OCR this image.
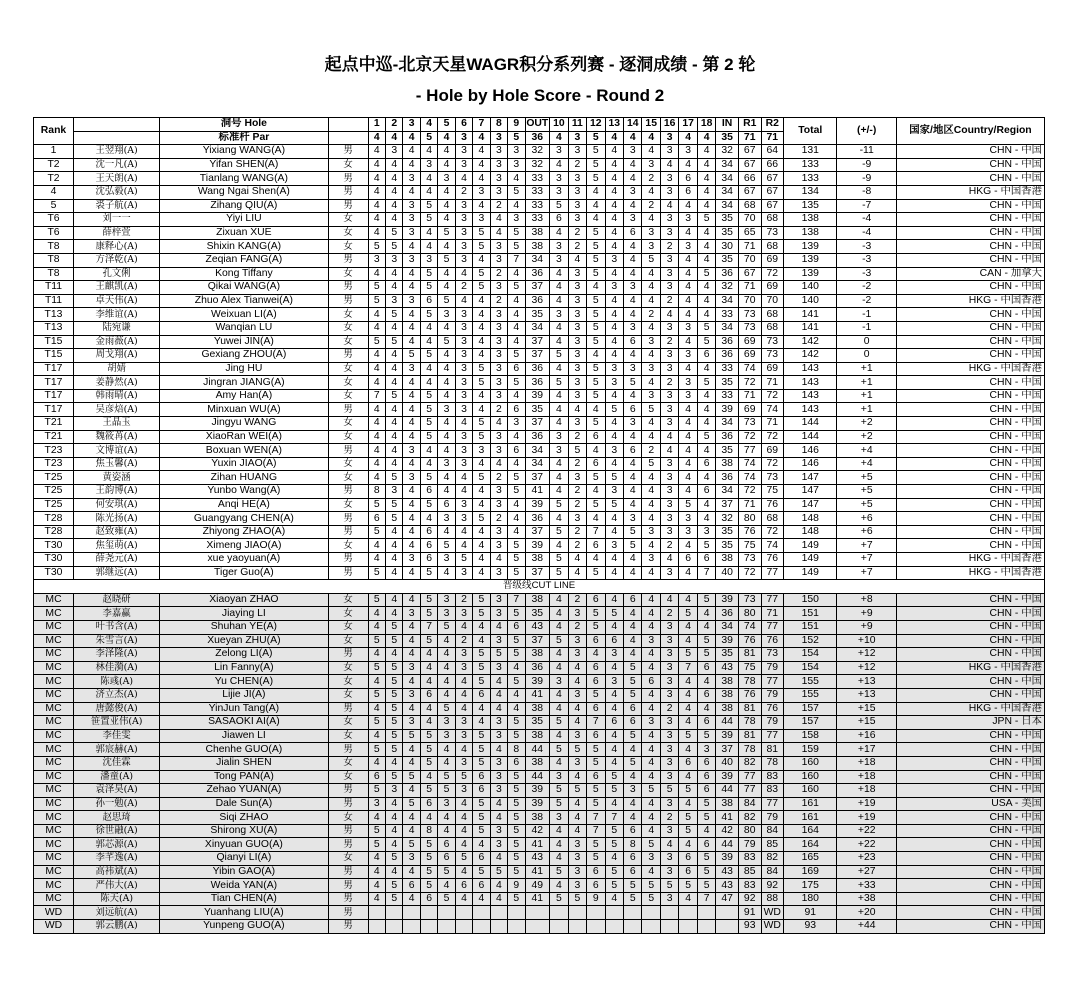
起点中巡-北京天星WAGR积分系列赛 - 逐洞成绩 - 第 2 轮
- Hole by Hole Score - Round 2
Rank		洞号 Hole		1	2	3	4	5	6	7	8	9	OUT	10	11	12	13	14	15	16	17	18	IN	R1	R2	Total	(+/-)	国家/地区Country/Region
		标准杆 Par		4	4	4	5	4	3	4	3	5	36	4	3	5	4	4	4	3	4	4	35	71	71			
1	王翌翔(A)	Yixiang WANG(A)	男	4	3	4	4	4	3	4	3	3	32	3	3	5	4	3	4	3	3	4	32	67	64	131	-11	CHN - 中国
T2	沈一凡(A)	Yifan SHEN(A)	女	4	4	4	3	4	3	4	3	3	32	4	2	5	4	4	3	4	4	4	34	67	66	133	-9	CHN - 中国
T2	王天朗(A)	Tianlang WANG(A)	男	4	4	3	4	3	4	4	3	4	33	3	3	5	4	4	2	3	6	4	34	66	67	133	-9	CHN - 中国
4	沈弘毅(A)	Wang Ngai Shen(A)	男	4	4	4	4	4	2	3	3	5	33	3	3	4	4	3	4	3	6	4	34	67	67	134	-8	HKG - 中国香港
5	裘子航(A)	Zihang QIU(A)	男	4	4	3	5	4	3	4	2	4	33	5	3	4	4	4	2	4	4	4	34	68	67	135	-7	CHN - 中国
T6	刘一一	Yiyi LIU	女	4	4	3	5	4	3	3	4	3	33	6	3	4	4	3	4	3	3	5	35	70	68	138	-4	CHN - 中国
T6	薛梓萱	Zixuan XUE	女	4	5	3	4	5	3	5	4	5	38	4	2	5	4	6	3	3	4	4	35	65	73	138	-4	CHN - 中国
T8	康释心(A)	Shixin KANG(A)	女	5	5	4	4	4	3	5	3	5	38	3	2	5	4	4	3	2	3	4	30	71	68	139	-3	CHN - 中国
T8	方泽乾(A)	Zeqian FANG(A)	男	3	3	3	3	5	3	4	3	7	34	3	4	5	3	4	5	3	4	4	35	70	69	139	-3	CHN - 中国
T8	孔文俐	Kong Tiffany	女	4	4	4	5	4	4	5	2	4	36	4	3	5	4	4	4	3	4	5	36	67	72	139	-3	CAN - 加拿大
T11	王麒凯(A)	Qikai WANG(A)	男	5	4	4	5	4	2	5	3	5	37	4	3	4	3	3	4	3	4	4	32	71	69	140	-2	CHN - 中国
T11	卓天伟(A)	Zhuo Alex Tianwei(A)	男	5	3	3	6	5	4	4	2	4	36	4	3	5	4	4	4	2	4	4	34	70	70	140	-2	HKG - 中国香港
T13	李维谊(A)	Weixuan LI(A)	女	4	5	4	5	3	3	4	3	4	35	3	3	5	4	4	2	4	4	4	33	73	68	141	-1	CHN - 中国
T13	陆宛谦	Wanqian LU	女	4	4	4	4	4	3	4	3	4	34	4	3	5	4	3	4	3	3	5	34	73	68	141	-1	CHN - 中国
T15	金雨薇(A)	Yuwei JIN(A)	女	5	5	4	4	5	3	4	3	4	37	4	3	5	4	6	3	2	4	5	36	69	73	142	0	CHN - 中国
T15	周戈翔(A)	Gexiang ZHOU(A)	男	4	4	5	5	4	3	4	3	5	37	5	3	4	4	4	4	3	3	6	36	69	73	142	0	CHN - 中国
T17	胡婧	Jing HU	女	4	4	3	4	4	3	5	3	6	36	4	3	5	3	3	3	3	4	4	33	74	69	143	+1	HKG - 中国香港
T17	姜静然(A)	Jingran JIANG(A)	女	4	4	4	4	4	3	5	3	5	36	5	3	5	3	5	4	2	3	5	35	72	71	143	+1	CHN - 中国
T17	韩雨晴(A)	Amy Han(A)	女	7	5	4	5	4	3	4	3	4	39	4	3	5	4	4	3	3	3	4	33	71	72	143	+1	CHN - 中国
T17	吴彦焙(A)	Minxuan WU(A)	男	4	4	4	5	3	3	4	2	6	35	4	4	4	5	6	5	3	4	4	39	69	74	143	+1	CHN - 中国
T21	王晶玉	Jingyu WANG	女	4	4	4	5	4	4	5	4	3	37	4	3	5	4	3	4	3	4	4	34	73	71	144	+2	CHN - 中国
T21	魏筱苒(A)	XiaoRan WEI(A)	女	4	4	4	5	4	3	5	3	4	36	3	2	6	4	4	4	4	4	5	36	72	72	144	+2	CHN - 中国
T23	文博谊(A)	Boxuan WEN(A)	男	4	4	3	4	4	3	3	3	6	34	3	5	4	3	6	2	4	4	4	35	77	69	146	+4	CHN - 中国
T23	焦玉馨(A)	Yuxin JIAO(A)	女	4	4	4	4	3	3	4	4	4	34	4	2	6	4	4	5	3	4	6	38	74	72	146	+4	CHN - 中国
T25	黄姿涵	Zihan HUANG	女	4	5	3	5	4	4	5	2	5	37	4	3	5	5	4	4	3	4	4	36	74	73	147	+5	CHN - 中国
T25	王韵博(A)	Yunbo Wang(A)	男	8	3	4	6	4	4	4	3	5	41	4	2	4	3	4	4	3	4	6	34	72	75	147	+5	CHN - 中国
T25	何安琪(A)	Anqi HE(A)	女	5	5	4	5	6	3	4	3	4	39	5	2	5	5	4	4	3	5	4	37	71	76	147	+5	CHN - 中国
T28	陈光扬(A)	Guangyang CHEN(A)	男	6	5	4	4	3	3	5	2	4	36	4	3	4	4	3	4	3	3	4	32	80	68	148	+6	CHN - 中国
T28	赵致雍(A)	Zhiyong ZHAO(A)	男	5	4	4	6	4	4	4	3	4	37	5	2	7	4	5	3	3	3	3	35	76	72	148	+6	CHN - 中国
T30	焦玺萌(A)	Ximeng JIAO(A)	女	4	4	4	6	5	4	4	3	5	39	4	2	6	3	5	4	2	4	5	35	75	74	149	+7	CHN - 中国
T30	薛尧元(A)	xue yaoyuan(A)	男	4	4	3	6	3	5	4	4	5	38	5	4	4	4	4	3	4	6	6	38	73	76	149	+7	HKG - 中国香港
T30	郭继远(A)	Tiger Guo(A)	男	5	4	4	5	4	3	4	3	5	37	5	4	5	4	4	4	3	4	7	40	72	77	149	+7	HKG - 中国香港
晋级线CUT LINE																												
MC	赵晓研	Xiaoyan ZHAO	女	5	4	4	5	3	2	5	3	7	38	4	2	6	4	6	4	4	4	5	39	73	77	150	+8	CHN - 中国
MC	李嘉赢	Jiaying LI	女	4	4	3	5	3	3	5	3	5	35	4	3	5	5	4	4	2	5	4	36	80	71	151	+9	CHN - 中国
MC	叶书含(A)	Shuhan YE(A)	女	4	5	4	7	5	4	4	4	6	43	4	2	5	4	4	4	3	4	4	34	74	77	151	+9	CHN - 中国
MC	朱雪言(A)	Xueyan ZHU(A)	女	5	5	4	5	4	2	4	3	5	37	5	3	6	6	4	3	3	4	5	39	76	76	152	+10	CHN - 中国
MC	李泽隆(A)	Zelong LI(A)	男	4	4	4	4	4	3	5	5	5	38	4	3	4	3	4	4	3	5	5	35	81	73	154	+12	CHN - 中国
MC	林佳漪(A)	Lin Fanny(A)	女	5	5	3	4	4	3	5	3	4	36	4	4	6	4	5	4	3	7	6	43	75	79	154	+12	HKG - 中国香港
MC	陈彧(A)	Yu CHEN(A)	女	4	5	4	4	4	4	5	4	5	39	3	4	6	3	5	6	3	4	4	38	78	77	155	+13	CHN - 中国
MC	济立杰(A)	Lijie JI(A)	女	5	5	3	6	4	4	6	4	4	41	4	3	5	4	5	4	3	4	6	38	76	79	155	+13	CHN - 中国
MC	唐懿俊(A)	YinJun Tang(A)	男	4	5	4	4	5	4	4	4	4	38	4	4	6	4	6	4	2	4	4	38	81	76	157	+15	HKG - 中国香港
MC	笹置亚伟(A)	SASAOKI AI(A)	女	5	5	3	4	3	3	4	3	5	35	5	4	7	6	6	3	3	4	6	44	78	79	157	+15	JPN - 日本
MC	李佳雯	Jiawen LI	女	4	5	5	5	3	3	5	3	5	38	4	3	6	4	5	4	3	5	5	39	81	77	158	+16	CHN - 中国
MC	郭宸赫(A)	Chenhe GUO(A)	男	5	5	4	5	4	4	5	4	8	44	5	5	5	4	4	4	3	4	3	37	78	81	159	+17	CHN - 中国
MC	沈佳霖	Jialin SHEN	女	4	4	4	5	4	3	5	3	6	38	4	3	5	4	5	4	3	6	6	40	82	78	160	+18	CHN - 中国
MC	潘童(A)	Tong PAN(A)	女	6	5	5	4	5	5	6	3	5	44	3	4	6	5	4	4	3	4	6	39	77	83	160	+18	CHN - 中国
MC	袁泽昊(A)	Zehao YUAN(A)	男	5	3	4	5	5	3	6	3	5	39	5	5	5	5	3	5	5	5	6	44	77	83	160	+18	CHN - 中国
MC	孙一勉(A)	Dale Sun(A)	男	3	4	5	6	3	4	5	4	5	39	5	4	5	4	4	4	3	4	5	38	84	77	161	+19	USA - 美国
MC	赵思琦	Siqi ZHAO	女	4	4	4	4	4	4	5	4	5	38	3	4	7	7	4	4	2	5	5	41	82	79	161	+19	CHN - 中国
MC	徐世融(A)	Shirong XU(A)	男	5	4	4	8	4	4	5	3	5	42	4	4	7	5	6	4	3	5	4	42	80	84	164	+22	CHN - 中国
MC	郭芯源(A)	Xinyuan GUO(A)	男	5	4	5	5	6	4	4	3	5	41	4	3	5	5	8	5	4	4	6	44	79	85	164	+22	CHN - 中国
MC	李芊逸(A)	Qianyi LI(A)	女	4	5	3	5	6	5	6	4	5	43	4	3	5	4	6	3	3	6	5	39	83	82	165	+23	CHN - 中国
MC	高祎斌(A)	Yibin GAO(A)	男	4	4	4	5	5	4	5	5	5	41	5	3	6	5	6	4	3	6	5	43	85	84	169	+27	CHN - 中国
MC	严伟大(A)	Weida YAN(A)	男	4	5	6	5	4	6	6	4	9	49	4	3	6	5	5	5	5	5	5	43	83	92	175	+33	CHN - 中国
MC	陈天(A)	Tian CHEN(A)	男	4	5	4	6	5	4	4	4	5	41	5	5	9	4	5	5	3	4	7	47	92	88	180	+38	CHN - 中国
WD	刘远航(A)	Yuanhang LIU(A)	男																					91	WD	91	+20	CHN - 中国
WD	郭云鹏(A)	Yunpeng GUO(A)	男																					93	WD	93	+44	CHN - 中国
